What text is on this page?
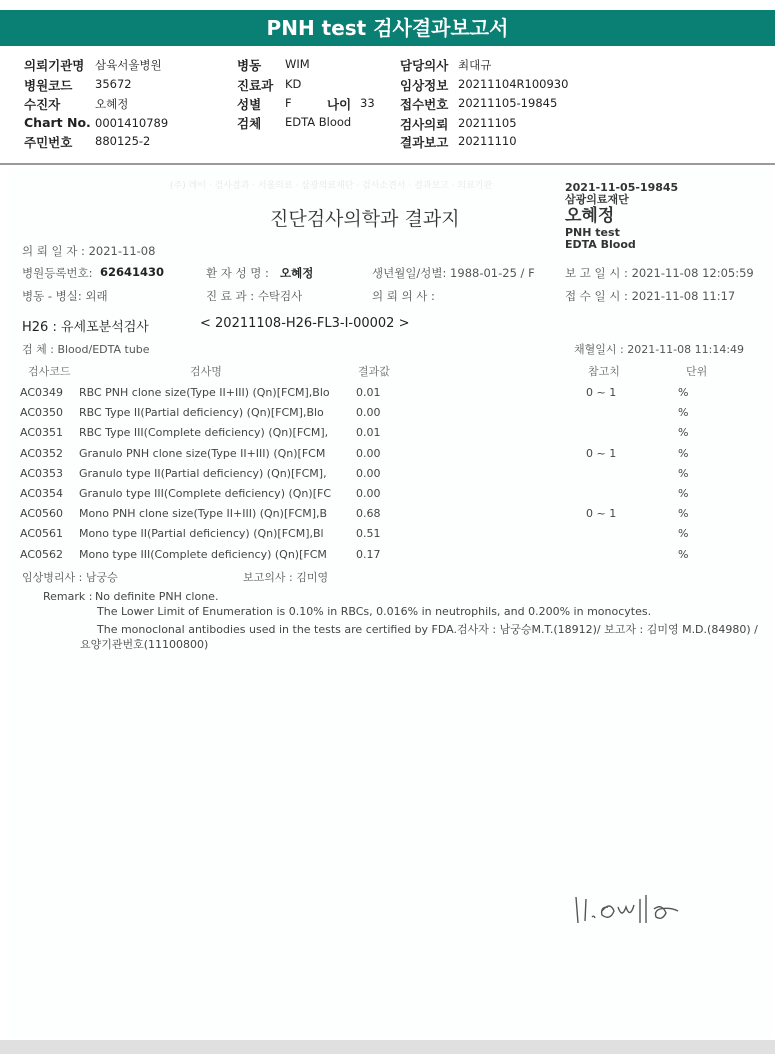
PNH test 검사결과보고서
의뢰기관명 삼육서울병원
병원코드 35672
수진자	오혜정
Chart No. 0001410789
주민번호 880125-2
병동 WIM
진료과 KD
성별 F	나이 33
검체 EDTA Blood
담당의사 최대규
임상정보 20211104R100930
접수번호 20211105-19845
검사의뢰 20211105
결과보고 20211110
(주) 레이 · 검사결과 · 서울의료 · 삼광의료재단 · 검사소견서 · 결과보고 · 의료기관	2021-11-05-19845
삼광의료재단
오혜정
PNH test
EDTA Blood
진단검사의학과 결과지
의 뢰 일 자 : 2021-11-08
병원등록번호: 62641430	환 자 성 명 : 오혜정	생년월일/성별: 1988-01-25 / F	보 고 일 시 : 2021-11-08 12:05:59
병동 - 병실: 외래	진 료 과 : 수탁검사	의 뢰 의 사 :	접 수 일 시 : 2021-11-08 11:17
H26 : 유세포분석검사	< 20211108-H26-FL3-I-00002 >
검 체 : Blood/EDTA tube	채혈일시 : 2021-11-08 11:14:49
검사코드	검사명	결과값	참고치	단위
AC0349 RBC PNH clone size(Type II+III) (Qn)[FCM],Blo 0.01	0 ~ 1	%
AC0350 RBC Type II(Partial deficiency) (Qn)[FCM],Blo	0.00	%
AC0351 RBC Type III(Complete deficiency) (Qn)[FCM],	0.01	%
AC0352 Granulo PNH clone size(Type II+III) (Qn)[FCM	0.00	0 ~ 1	%
AC0353 Granulo type II(Partial deficiency) (Qn)[FCM],	0.00	%
AC0354 Granulo type III(Complete deficiency) (Qn)[FC 0.00	%
AC0560 Mono PNH clone size(Type II+III) (Qn)[FCM],B	0.68	0 ~ 1	%
AC0561 Mono type II(Partial deficiency) (Qn)[FCM],Bl	0.51	%
AC0562 Mono type III(Complete deficiency) (Qn)[FCM	0.17	%
임상병리사 : 남궁승	보고의사 : 김미영
Remark : No definite PNH clone.
The Lower Limit of Enumeration is 0.10% in RBCs, 0.016% in neutrophils, and 0.200% in monocytes.
The monoclonal antibodies used in the tests are certified by FDA.검사자 : 남궁승M.T.(18912)/ 보고자 : 김미영 M.D.(84980) /
요양기관번호(11100800)
